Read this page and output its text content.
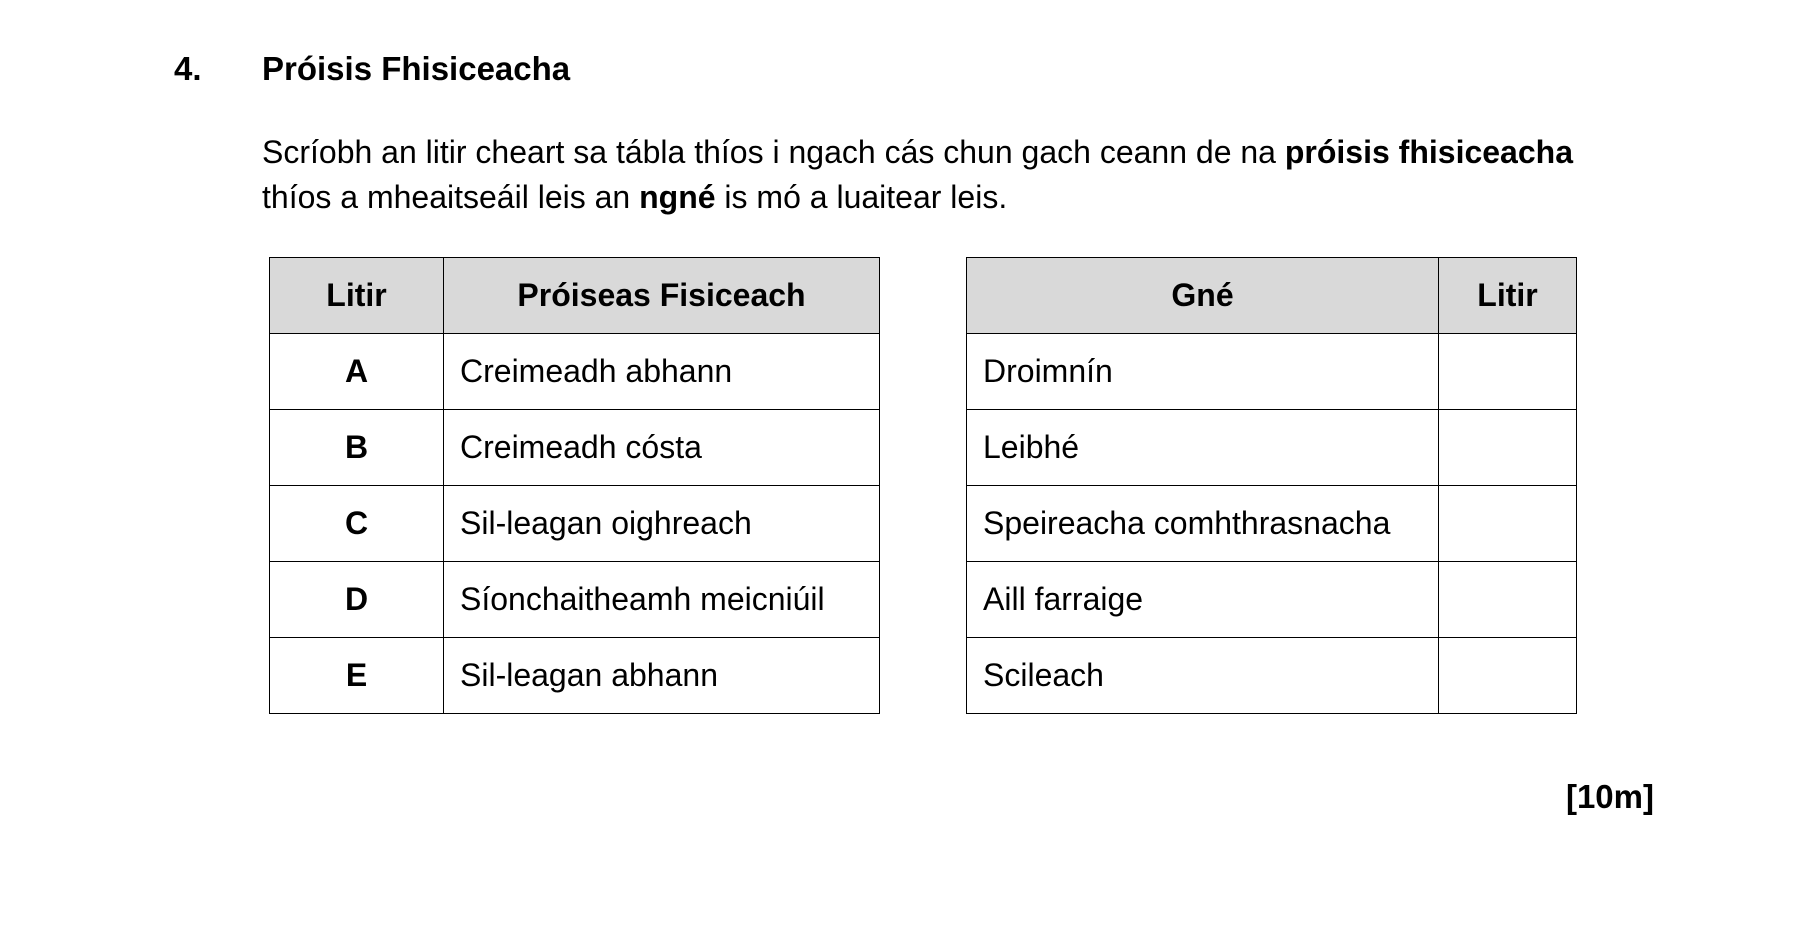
4. Próisis Fhisiceacha
Scríobh an litir cheart sa tábla thíos i ngach cás chun gach ceann de na próisis fhisiceacha
thíos a mheaitseáil leis an ngné is mó a luaitear leis.
Litir	Próiseas Fisiceach
A	Creimeadh abhann
B	Creimeadh cósta
C	Sil-leagan oighreach
D	Síonchaitheamh meicniúil
E	Sil-leagan abhann
Gné	Litir
Droimnín	
Leibhé	
Speireacha comhthrasnacha	
Aill farraige	
Scileach	
[10m]
